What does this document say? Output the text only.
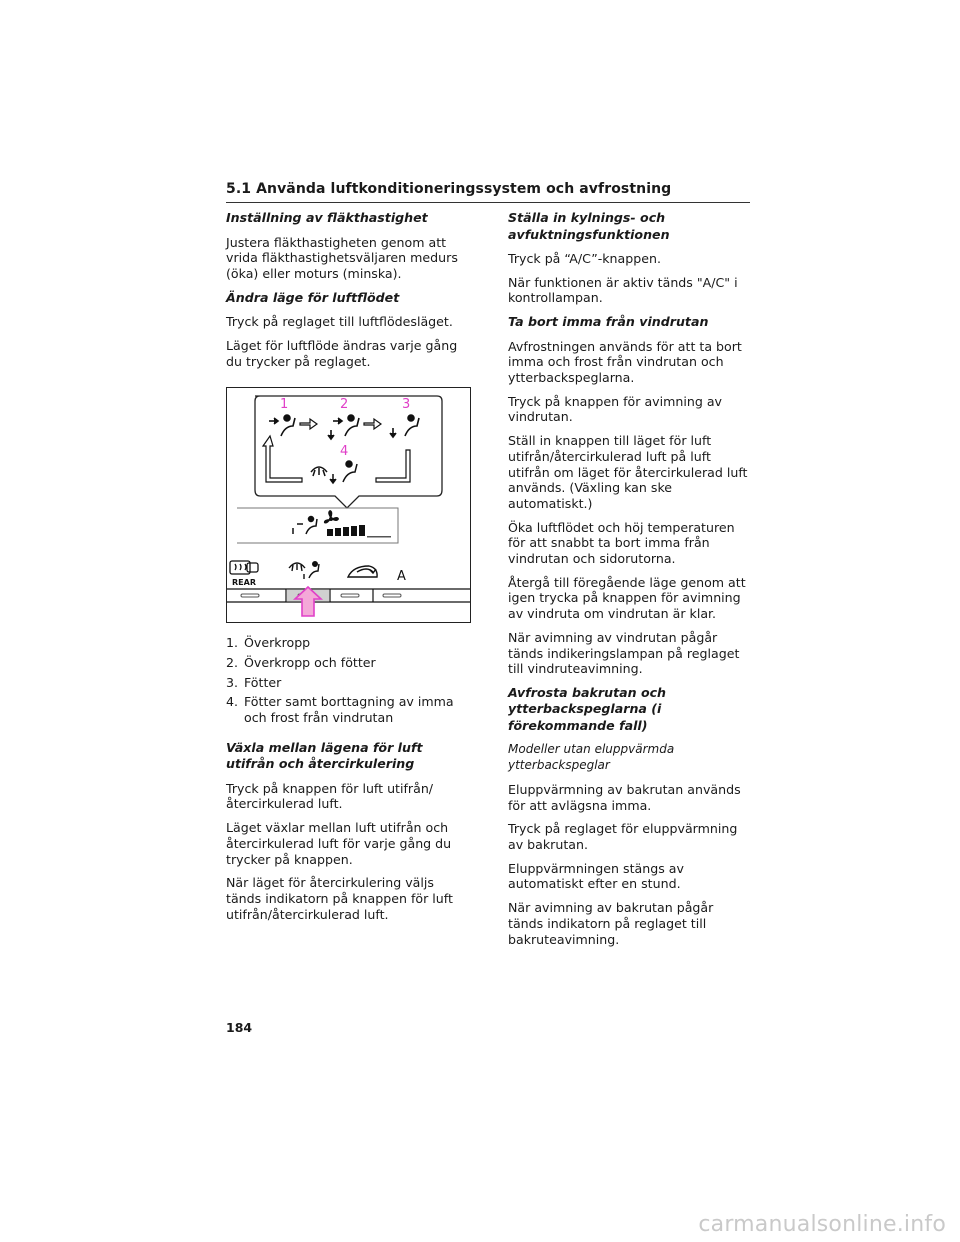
5.1 Använda luftkonditioneringssystem och avfrostning
Inställning av fläkthastighet
Justera fläkthastigheten genom att vrida fläkthastighetsväljaren medurs (öka) eller moturs (minska).
Ändra läge för luftflödet
Tryck på reglaget till luftflödesläget.
Läget för luftflöde ändras varje gång du trycker på reglaget.
1	2	3
4
REAR	A
1. Överkropp
2. Överkropp och fötter
3. Fötter
4. Fötter samt borttagning av imma och frost från vindrutan
Växla mellan lägena för luft utifrån och återcirkulering
Tryck på knappen för luft utifrån/återcirkulerad luft.
Läget växlar mellan luft utifrån och återcirkulerad luft för varje gång du trycker på knappen.
När läget för återcirkulering väljs tänds indikatorn på knappen för luft utifrån/återcirkulerad luft.
Ställa in kylnings- och avfuktningsfunktionen
Tryck på “A/C”-knappen.
När funktionen är aktiv tänds "A/C" i kontrollampan.
Ta bort imma från vindrutan
Avfrostningen används för att ta bort imma och frost från vindrutan och ytterbackspeglarna.
Tryck på knappen för avimning av vindrutan.
Ställ in knappen till läget för luft utifrån/återcirkulerad luft på luft utifrån om läget för återcirkulerad luft används. (Växling kan ske automatiskt.)
Öka luftflödet och höj temperaturen för att snabbt ta bort imma från vindrutan och sidorutorna.
Återgå till föregående läge genom att igen trycka på knappen för avimning av vindruta om vindrutan är klar.
När avimning av vindrutan pågår tänds indikeringslampan på reglaget till vindruteavimning.
Avfrosta bakrutan och ytterbackspeglarna (i förekommande fall)
Modeller utan eluppvärmda ytterbackspeglar
Eluppvärmning av bakrutan används för att avlägsna imma.
Tryck på reglaget för eluppvärmning av bakrutan.
Eluppvärmningen stängs av automatiskt efter en stund.
När avimning av bakrutan pågår tänds indikatorn på reglaget till bakruteavimning.
184
carmanualsonline.info
